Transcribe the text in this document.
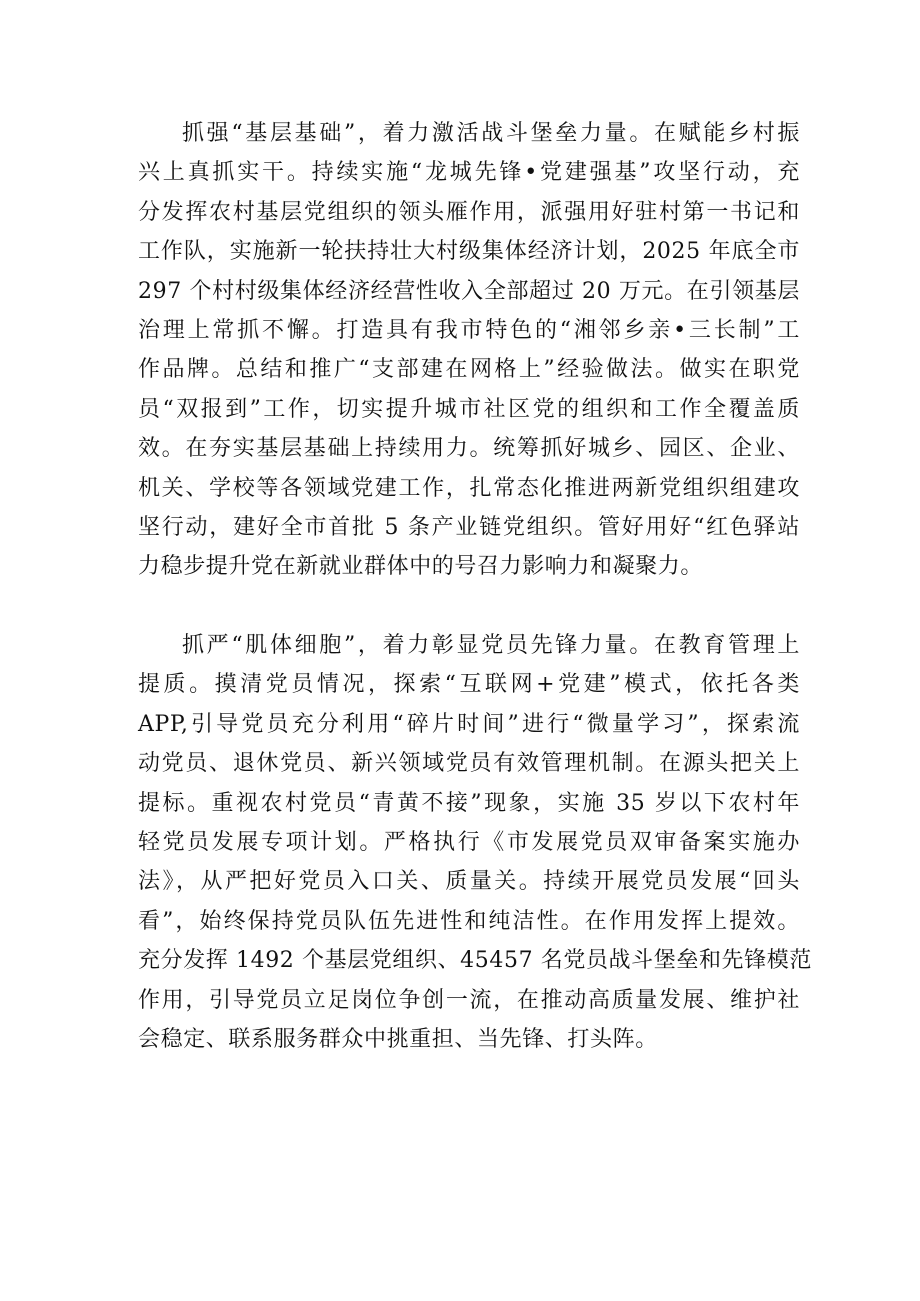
抓强“基层基础”，着力激活战斗堡垒力量。在赋能乡村振
兴上真抓实干。持续实施“龙城先锋•党建强基”攻坚行动，充
分发挥农村基层党组织的领头雁作用，派强用好驻村第一书记和
工作队，实施新一轮扶持壮大村级集体经济计划，2025 年底全市
297 个村村级集体经济经营性收入全部超过 20 万元。在引领基层
治理上常抓不懈。打造具有我市特色的“湘邻乡亲•三长制”工
作品牌。总结和推广“支部建在网格上”经验做法。做实在职党
员“双报到”工作，切实提升城市社区党的组织和工作全覆盖质
效。在夯实基层基础上持续用力。统筹抓好城乡、园区、企业、
机关、学校等各领域党建工作，扎常态化推进两新党组织组建攻
坚行动，建好全市首批 5 条产业链党组织。管好用好“红色驿站
力稳步提升党在新就业群体中的号召力影响力和凝聚力。
抓严“肌体细胞”，着力彰显党员先锋力量。在教育管理上
提质。摸清党员情况，探索“互联网+党建”模式，依托各类
APP,引导党员充分利用“碎片时间”进行“微量学习”，探索流
动党员、退休党员、新兴领域党员有效管理机制。在源头把关上
提标。重视农村党员“青黄不接”现象，实施 35 岁以下农村年
轻党员发展专项计划。严格执行《市发展党员双审备案实施办
法》，从严把好党员入口关、质量关。持续开展党员发展“回头
看”，始终保持党员队伍先进性和纯洁性。在作用发挥上提效。
充分发挥 1492 个基层党组织、45457 名党员战斗堡垒和先锋模范
作用，引导党员立足岗位争创一流，在推动高质量发展、维护社
会稳定、联系服务群众中挑重担、当先锋、打头阵。
